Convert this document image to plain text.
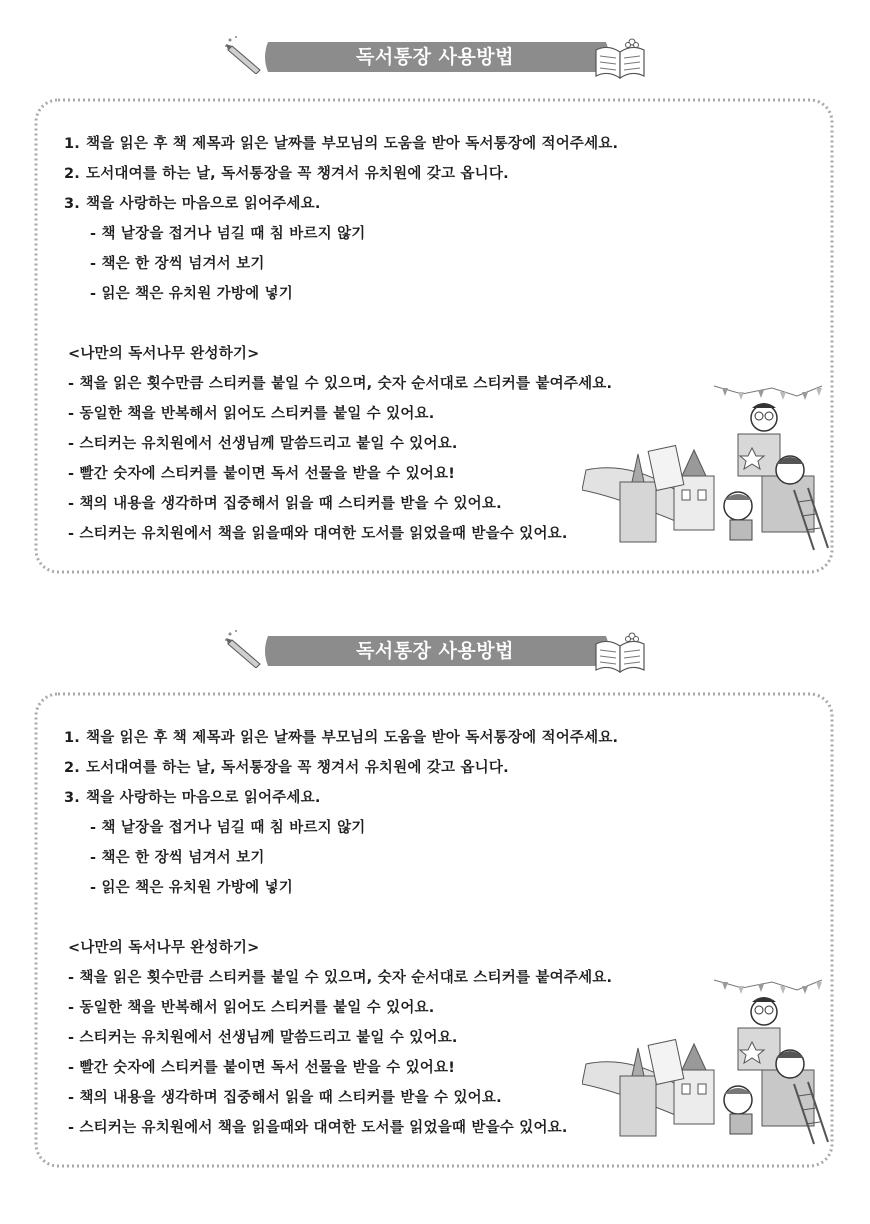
독서통장 사용방법
1. 책을 읽은 후 책 제목과 읽은 날짜를 부모님의 도움을 받아 독서통장에 적어주세요.
2. 도서대여를 하는 날, 독서통장을 꼭 챙겨서 유치원에 갖고 옵니다.
3. 책을 사랑하는 마음으로 읽어주세요.
- 책 낱장을 접거나 넘길 때 침 바르지 않기
- 책은 한 장씩 넘겨서 보기
- 읽은 책은 유치원 가방에 넣기
<나만의 독서나무 완성하기>
- 책을 읽은 횟수만큼 스티커를 붙일 수 있으며, 숫자 순서대로 스티커를 붙여주세요.
- 동일한 책을 반복해서 읽어도 스티커를 붙일 수 있어요.
- 스티커는 유치원에서 선생님께 말씀드리고 붙일 수 있어요.
- 빨간 숫자에 스티커를 붙이면 독서 선물을 받을 수 있어요!
- 책의 내용을 생각하며 집중해서 읽을 때 스티커를 받을 수 있어요.
- 스티커는 유치원에서 책을 읽을때와 대여한 도서를 읽었을때 받을수 있어요.
독서통장 사용방법
1. 책을 읽은 후 책 제목과 읽은 날짜를 부모님의 도움을 받아 독서통장에 적어주세요.
2. 도서대여를 하는 날, 독서통장을 꼭 챙겨서 유치원에 갖고 옵니다.
3. 책을 사랑하는 마음으로 읽어주세요.
- 책 낱장을 접거나 넘길 때 침 바르지 않기
- 책은 한 장씩 넘겨서 보기
- 읽은 책은 유치원 가방에 넣기
<나만의 독서나무 완성하기>
- 책을 읽은 횟수만큼 스티커를 붙일 수 있으며, 숫자 순서대로 스티커를 붙여주세요.
- 동일한 책을 반복해서 읽어도 스티커를 붙일 수 있어요.
- 스티커는 유치원에서 선생님께 말씀드리고 붙일 수 있어요.
- 빨간 숫자에 스티커를 붙이면 독서 선물을 받을 수 있어요!
- 책의 내용을 생각하며 집중해서 읽을 때 스티커를 받을 수 있어요.
- 스티커는 유치원에서 책을 읽을때와 대여한 도서를 읽었을때 받을수 있어요.
